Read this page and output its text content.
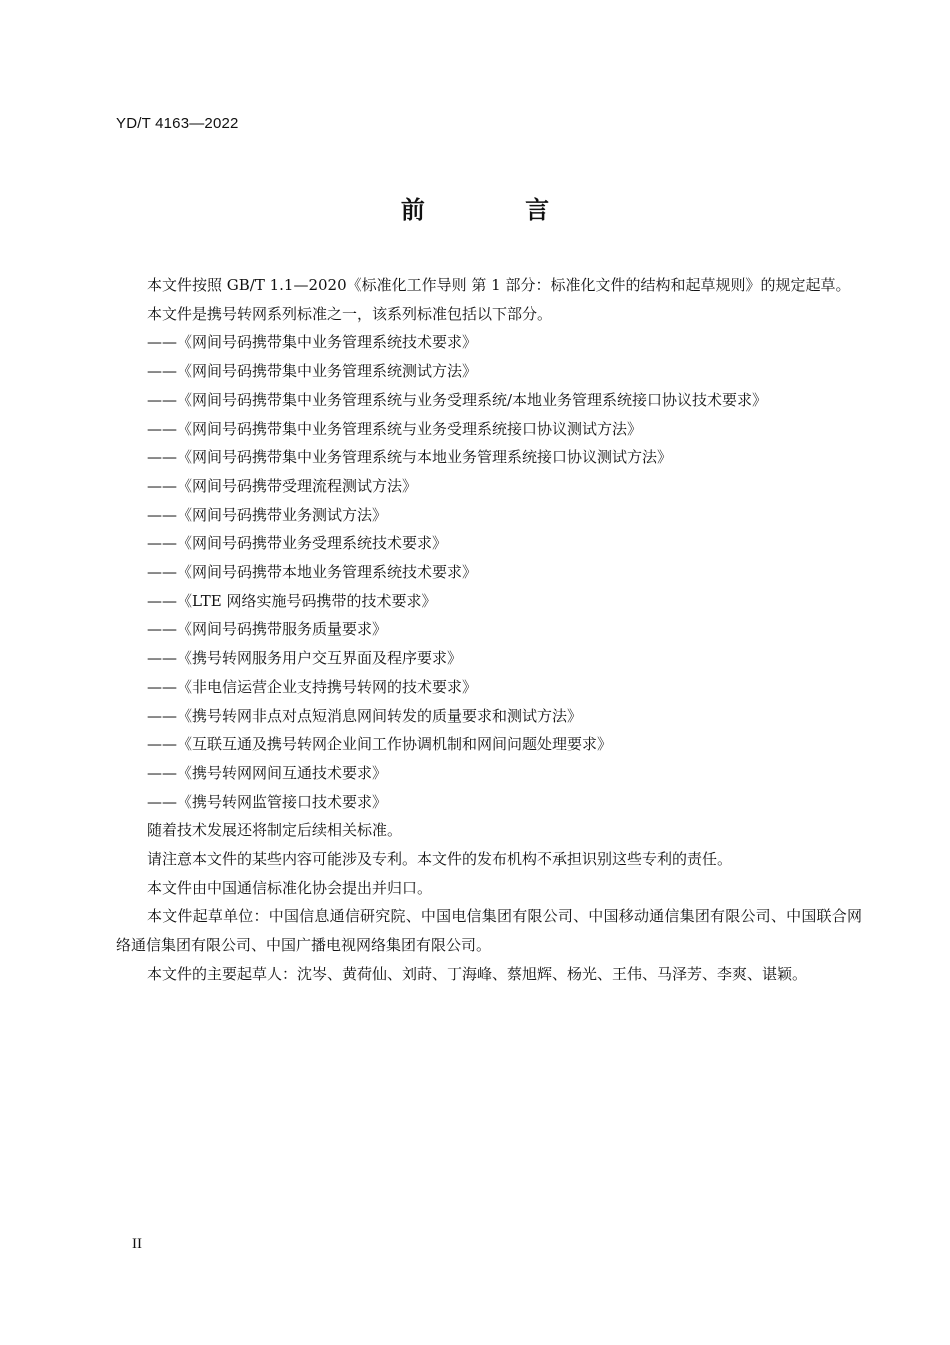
YD/T 4163—2022
前 言

本文件按照 GB/T 1.1—2020《标准化工作导则 第 1 部分：标准化文件的结构和起草规则》的规定起草。

本文件是携号转网系列标准之一，该系列标准包括以下部分。

——《网间号码携带集中业务管理系统技术要求》

——《网间号码携带集中业务管理系统测试方法》

——《网间号码携带集中业务管理系统与业务受理系统/本地业务管理系统接口协议技术要求》

——《网间号码携带集中业务管理系统与业务受理系统接口协议测试方法》

——《网间号码携带集中业务管理系统与本地业务管理系统接口协议测试方法》

——《网间号码携带受理流程测试方法》

——《网间号码携带业务测试方法》

——《网间号码携带业务受理系统技术要求》

——《网间号码携带本地业务管理系统技术要求》

——《LTE 网络实施号码携带的技术要求》

——《网间号码携带服务质量要求》

——《携号转网服务用户交互界面及程序要求》

——《非电信运营企业支持携号转网的技术要求》

——《携号转网非点对点短消息网间转发的质量要求和测试方法》

——《互联互通及携号转网企业间工作协调机制和网间问题处理要求》

——《携号转网网间互通技术要求》

——《携号转网监管接口技术要求》

随着技术发展还将制定后续相关标准。

请注意本文件的某些内容可能涉及专利。本文件的发布机构不承担识别这些专利的责任。

本文件由中国通信标准化协会提出并归口。

本文件起草单位：中国信息通信研究院、中国电信集团有限公司、中国移动通信集团有限公司、中国联合网络通信集团有限公司、中国广播电视网络集团有限公司。

本文件的主要起草人：沈岑、黄荷仙、刘莳、丁海峰、蔡旭辉、杨光、王伟、马泽芳、李爽、谌颖。

II
